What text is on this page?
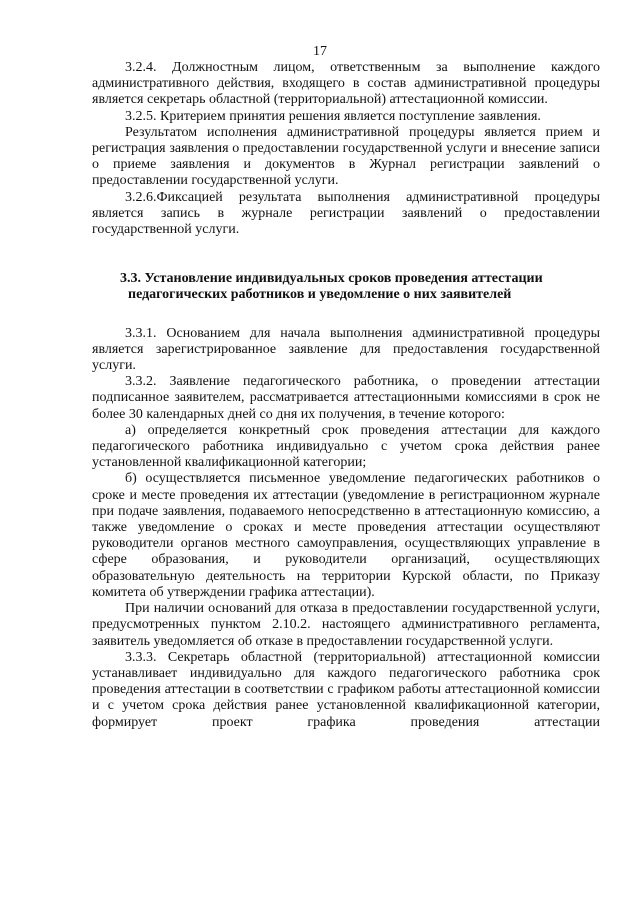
17

3.2.4. Должностным лицом, ответственным за выполнение каждого административного действия, входящего в состав административной процедуры является секретарь областной (территориальной) аттестационной комиссии.

3.2.5. Критерием принятия решения является поступление заявления.

Результатом исполнения административной процедуры является прием и регистрация заявления о предоставлении государственной услуги и внесение записи о приеме заявления и документов в Журнал регистрации заявлений о предоставлении государственной услуги.

3.2.6.Фиксацией результата выполнения административной процедуры является запись в журнале регистрации заявлений о предоставлении государственной услуги.

3.3. Установление индивидуальных сроков проведения аттестации
педагогических работников и уведомление о них заявителей

3.3.1. Основанием для начала выполнения административной процедуры является зарегистрированное заявление для предоставления государственной услуги.

3.3.2. Заявление педагогического работника, о проведении аттестации подписанное заявителем, рассматривается аттестационными комиссиями в срок не более 30 календарных дней со дня их получения, в течение которого:

а) определяется конкретный срок проведения аттестации для каждого педагогического работника индивидуально с учетом срока действия ранее установленной квалификационной категории;

б) осуществляется письменное уведомление педагогических работников о сроке и месте проведения их аттестации (уведомление в регистрационном журнале при подаче заявления, подаваемого непосредственно в аттестационную комиссию, а также уведомление о сроках и месте проведения аттестации осуществляют руководители органов местного самоуправления, осуществляющих управление в сфере образования, и руководители организаций, осуществляющих образовательную деятельность на территории Курской области, по Приказу комитета об утверждении графика аттестации).

При наличии оснований для отказа в предоставлении государственной услуги, предусмотренных пунктом 2.10.2. настоящего административного регламента, заявитель уведомляется об отказе в предоставлении государственной услуги.

3.3.3. Секретарь областной (территориальной) аттестационной комиссии устанавливает индивидуально для каждого педагогического работника срок проведения аттестации в соответствии с графиком работы аттестационной комиссии и с учетом срока действия ранее установленной квалификационной категории, формирует проект графика проведения аттестации
